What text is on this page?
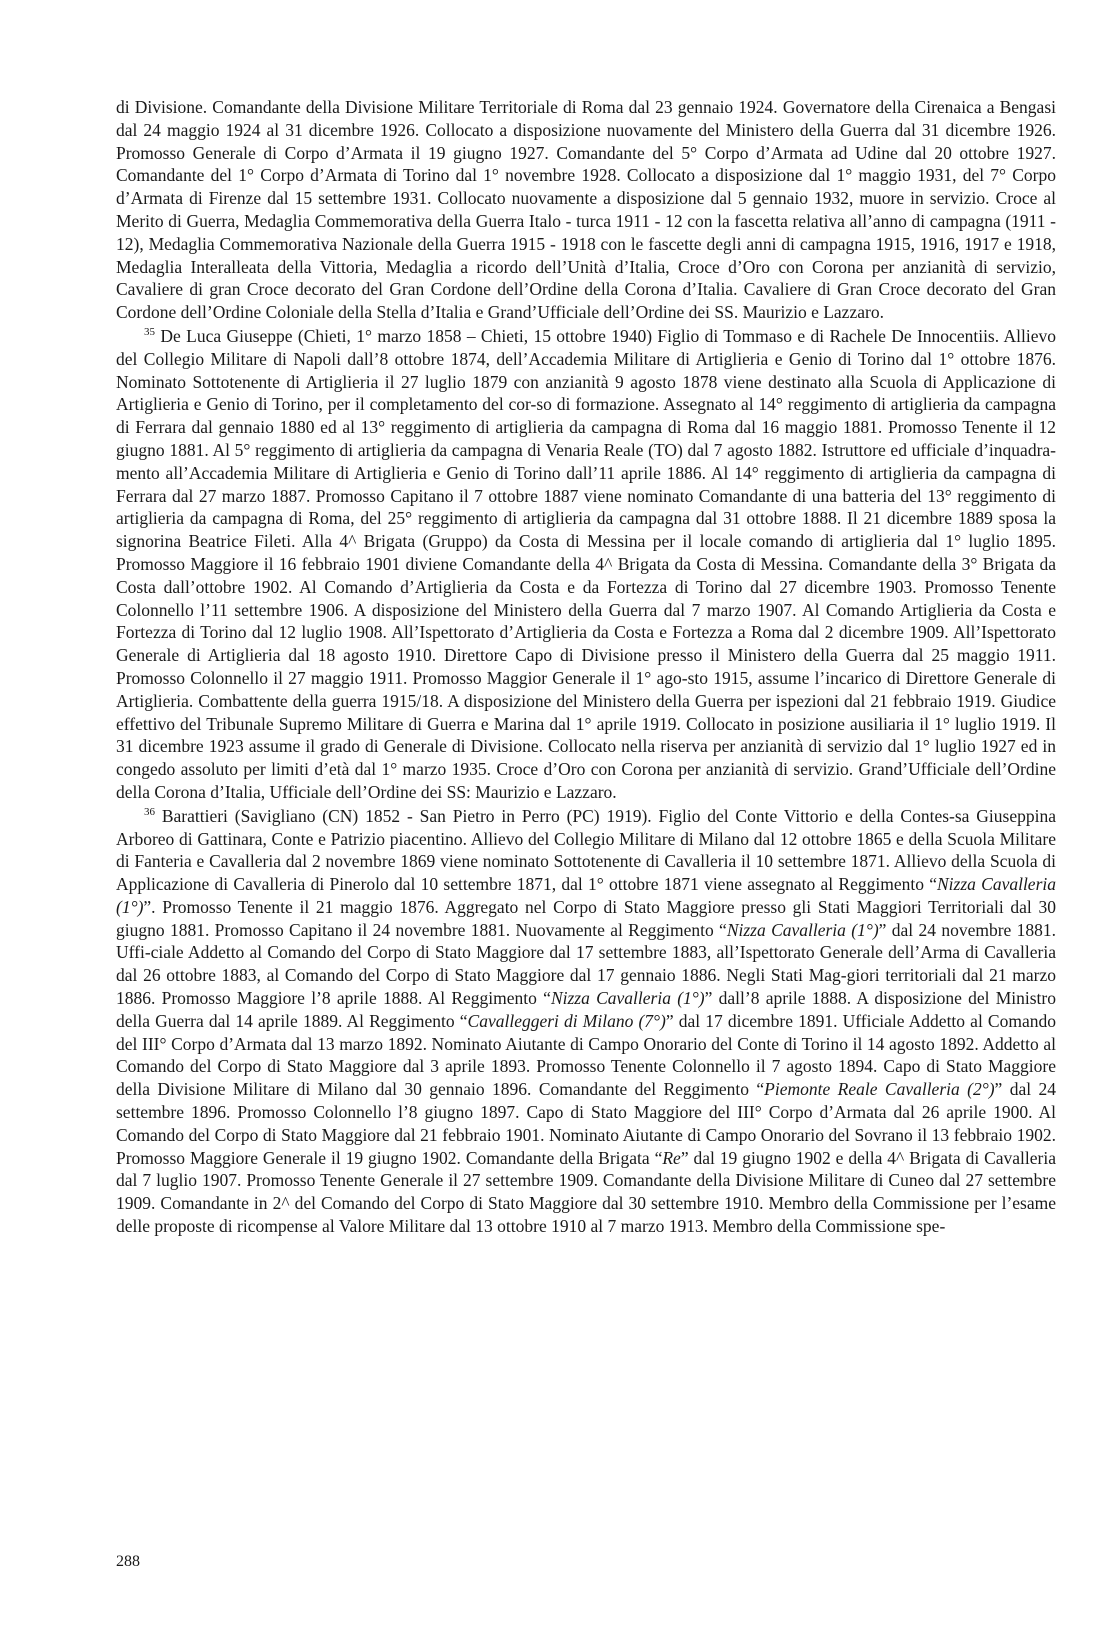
di Divisione. Comandante della Divisione Militare Territoriale di Roma dal 23 gennaio 1924. Governatore della Cirenaica a Bengasi dal 24 maggio 1924 al 31 dicembre 1926. Collocato a disposizione nuovamente del Ministero della Guerra dal 31 dicembre 1926. Promosso Generale di Corpo d’Armata il 19 giugno 1927. Comandante del 5° Corpo d’Armata ad Udine dal 20 ottobre 1927. Comandante del 1° Corpo d’Armata di Torino dal 1° novembre 1928. Collocato a disposizione dal 1° maggio 1931, del 7° Corpo d’Armata di Firenze dal 15 settembre 1931. Collocato nuovamente a disposizione dal 5 gennaio 1932, muore in servizio. Croce al Merito di Guerra, Medaglia Commemorativa della Guerra Italo - turca 1911 - 12 con la fascetta relativa all’anno di campagna (1911 - 12), Medaglia Commemorativa Nazionale della Guerra 1915 - 1918 con le fascette degli anni di campagna 1915, 1916, 1917 e 1918, Medaglia Interalleata della Vittoria, Medaglia a ricordo dell’Unità d’Italia, Croce d’Oro con Corona per anzianità di servizio, Cavaliere di gran Croce decorato del Gran Cordone dell’Ordine della Corona d’Italia. Cavaliere di Gran Croce decorato del Gran Cordone dell’Ordine Coloniale della Stella d’Italia e Grand’Ufficiale dell’Ordine dei SS. Maurizio e Lazzaro.

$^{35}$ De Luca Giuseppe (Chieti, 1° marzo 1858 – Chieti, 15 ottobre 1940) Figlio di Tommaso e di Rachele De Innocentiis. Allievo del Collegio Militare di Napoli dall’8 ottobre 1874, dell’Accademia Militare di Artiglieria e Genio di Torino dal 1° ottobre 1876. Nominato Sottotenente di Artiglieria il 27 luglio 1879 con anzianità 9 agosto 1878 viene destinato alla Scuola di Applicazione di Artiglieria e Genio di Torino, per il completamento del cor-so di formazione. Assegnato al 14° reggimento di artiglieria da campagna di Ferrara dal gennaio 1880 ed al 13° reggimento di artiglieria da campagna di Roma dal 16 maggio 1881. Promosso Tenente il 12 giugno 1881. Al 5° reggimento di artiglieria da campagna di Venaria Reale (TO) dal 7 agosto 1882. Istruttore ed ufficiale d’inquadra-mento all’Accademia Militare di Artiglieria e Genio di Torino dall’11 aprile 1886. Al 14° reggimento di artiglieria da campagna di Ferrara dal 27 marzo 1887. Promosso Capitano il 7 ottobre 1887 viene nominato Comandante di una batteria del 13° reggimento di artiglieria da campagna di Roma, del 25° reggimento di artiglieria da campagna dal 31 ottobre 1888. Il 21 dicembre 1889 sposa la signorina Beatrice Fileti. Alla 4^ Brigata (Gruppo) da Costa di Messina per il locale comando di artiglieria dal 1° luglio 1895. Promosso Maggiore il 16 febbraio 1901 diviene Comandante della 4^ Brigata da Costa di Messina. Comandante della 3° Brigata da Costa dall’ottobre 1902. Al Comando d’Artiglieria da Costa e da Fortezza di Torino dal 27 dicembre 1903. Promosso Tenente Colonnello l’11 settembre 1906. A disposizione del Ministero della Guerra dal 7 marzo 1907. Al Comando Artiglieria da Costa e Fortezza di Torino dal 12 luglio 1908. All’Ispettorato d’Artiglieria da Costa e Fortezza a Roma dal 2 dicembre 1909. All’Ispettorato Generale di Artiglieria dal 18 agosto 1910. Direttore Capo di Divisione presso il Ministero della Guerra dal 25 maggio 1911. Promosso Colonnello il 27 maggio 1911. Promosso Maggior Generale il 1° ago-sto 1915, assume l’incarico di Direttore Generale di Artiglieria. Combattente della guerra 1915/18. A disposizione del Ministero della Guerra per ispezioni dal 21 febbraio 1919. Giudice effettivo del Tribunale Supremo Militare di Guerra e Marina dal 1° aprile 1919. Collocato in posizione ausiliaria il 1° luglio 1919. Il 31 dicembre 1923 assume il grado di Generale di Divisione. Collocato nella riserva per anzianità di servizio dal 1° luglio 1927 ed in congedo assoluto per limiti d’età dal 1° marzo 1935. Croce d’Oro con Corona per anzianità di servizio. Grand’Ufficiale dell’Ordine della Corona d’Italia, Ufficiale dell’Ordine dei SS: Maurizio e Lazzaro.

$^{36}$ Barattieri (Savigliano (CN) 1852 - San Pietro in Perro (PC) 1919). Figlio del Conte Vittorio e della Contes-sa Giuseppina Arboreo di Gattinara, Conte e Patrizio piacentino. Allievo del Collegio Militare di Milano dal 12 ottobre 1865 e della Scuola Militare di Fanteria e Cavalleria dal 2 novembre 1869 viene nominato Sottotenente di Cavalleria il 10 settembre 1871. Allievo della Scuola di Applicazione di Cavalleria di Pinerolo dal 10 settembre 1871, dal 1° ottobre 1871 viene assegnato al Reggimento “Nizza Cavalleria (1°)”. Promosso Tenente il 21 maggio 1876. Aggregato nel Corpo di Stato Maggiore presso gli Stati Maggiori Territoriali dal 30 giugno 1881. Promosso Capitano il 24 novembre 1881. Nuovamente al Reggimento “Nizza Cavalleria (1°)” dal 24 novembre 1881. Uffi-ciale Addetto al Comando del Corpo di Stato Maggiore dal 17 settembre 1883, all’Ispettorato Generale dell’Arma di Cavalleria dal 26 ottobre 1883, al Comando del Corpo di Stato Maggiore dal 17 gennaio 1886. Negli Stati Mag-giori territoriali dal 21 marzo 1886. Promosso Maggiore l’8 aprile 1888. Al Reggimento “Nizza Cavalleria (1°)” dall’8 aprile 1888. A disposizione del Ministro della Guerra dal 14 aprile 1889. Al Reggimento “Cavalleggeri di Milano (7°)” dal 17 dicembre 1891. Ufficiale Addetto al Comando del III° Corpo d’Armata dal 13 marzo 1892. Nominato Aiutante di Campo Onorario del Conte di Torino il 14 agosto 1892. Addetto al Comando del Corpo di Stato Maggiore dal 3 aprile 1893. Promosso Tenente Colonnello il 7 agosto 1894. Capo di Stato Maggiore della Divisione Militare di Milano dal 30 gennaio 1896. Comandante del Reggimento “Piemonte Reale Cavalleria (2°)” dal 24 settembre 1896. Promosso Colonnello l’8 giugno 1897. Capo di Stato Maggiore del III° Corpo d’Armata dal 26 aprile 1900. Al Comando del Corpo di Stato Maggiore dal 21 febbraio 1901. Nominato Aiutante di Campo Onorario del Sovrano il 13 febbraio 1902. Promosso Maggiore Generale il 19 giugno 1902. Comandante della Brigata “Re” dal 19 giugno 1902 e della 4^ Brigata di Cavalleria dal 7 luglio 1907. Promosso Tenente Generale il 27 settembre 1909. Comandante della Divisione Militare di Cuneo dal 27 settembre 1909. Comandante in 2^ del Comando del Corpo di Stato Maggiore dal 30 settembre 1910. Membro della Commissione per l’esame delle proposte di ricompense al Valore Militare dal 13 ottobre 1910 al 7 marzo 1913. Membro della Commissione spe-

288
